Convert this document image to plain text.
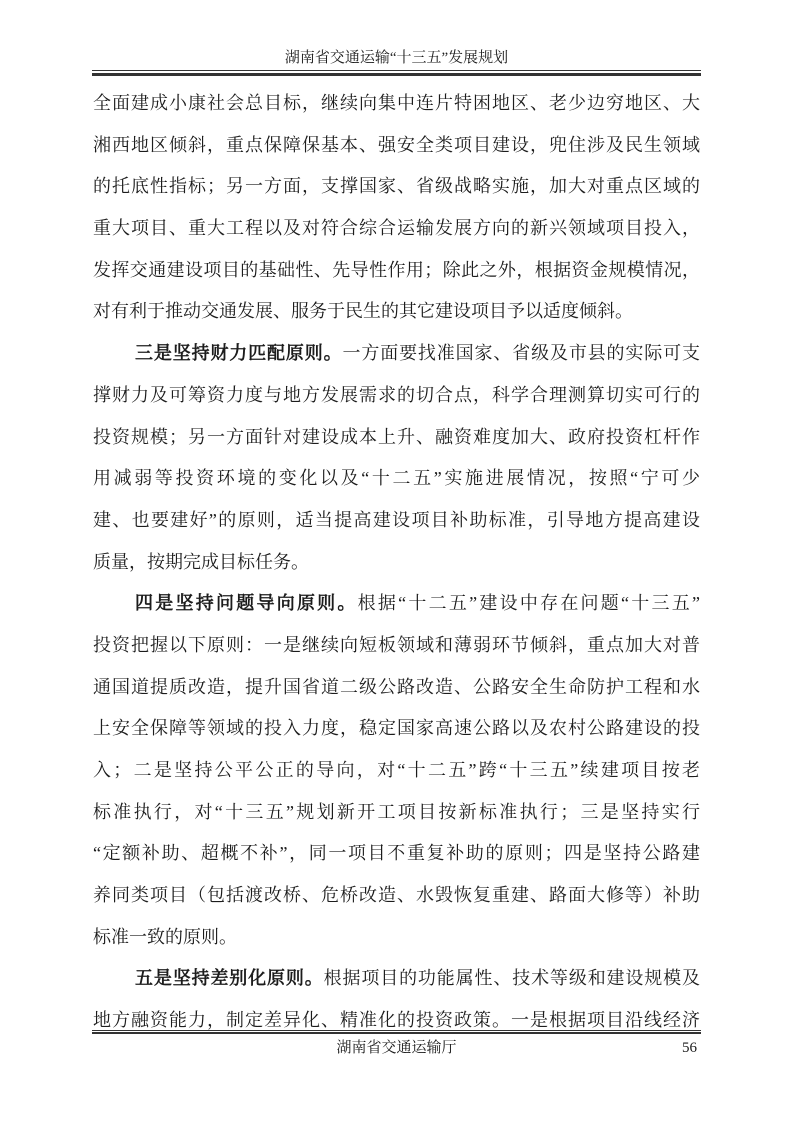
湖南省交通运输“十三五”发展规划
全面建成小康社会总目标，继续向集中连片特困地区、老少边穷地区、大
湘西地区倾斜，重点保障保基本、强安全类项目建设，兜住涉及民生领域
的托底性指标；另一方面，支撑国家、省级战略实施，加大对重点区域的
重大项目、重大工程以及对符合综合运输发展方向的新兴领域项目投入，
发挥交通建设项目的基础性、先导性作用；除此之外，根据资金规模情况，
对有利于推动交通发展、服务于民生的其它建设项目予以适度倾斜。
三是坚持财力匹配原则。一方面要找准国家、省级及市县的实际可支
撑财力及可筹资力度与地方发展需求的切合点，科学合理测算切实可行的
投资规模；另一方面针对建设成本上升、融资难度加大、政府投资杠杆作
用减弱等投资环境的变化以及“十二五”实施进展情况，按照“宁可少
建、也要建好”的原则，适当提高建设项目补助标准，引导地方提高建设
质量，按期完成目标任务。
四是坚持问题导向原则。根据“十二五”建设中存在问题“十三五”
投资把握以下原则：一是继续向短板领域和薄弱环节倾斜，重点加大对普
通国道提质改造，提升国省道二级公路改造、公路安全生命防护工程和水
上安全保障等领域的投入力度，稳定国家高速公路以及农村公路建设的投
入；二是坚持公平公正的导向，对“十二五”跨“十三五”续建项目按老
标准执行，对“十三五”规划新开工项目按新标准执行；三是坚持实行
“定额补助、超概不补”，同一项目不重复补助的原则；四是坚持公路建
养同类项目（包括渡改桥、危桥改造、水毁恢复重建、路面大修等）补助
标准一致的原则。
五是坚持差别化原则。根据项目的功能属性、技术等级和建设规模及
地方融资能力，制定差异化、精准化的投资政策。一是根据项目沿线经济
湖南省交通运输厅	56
